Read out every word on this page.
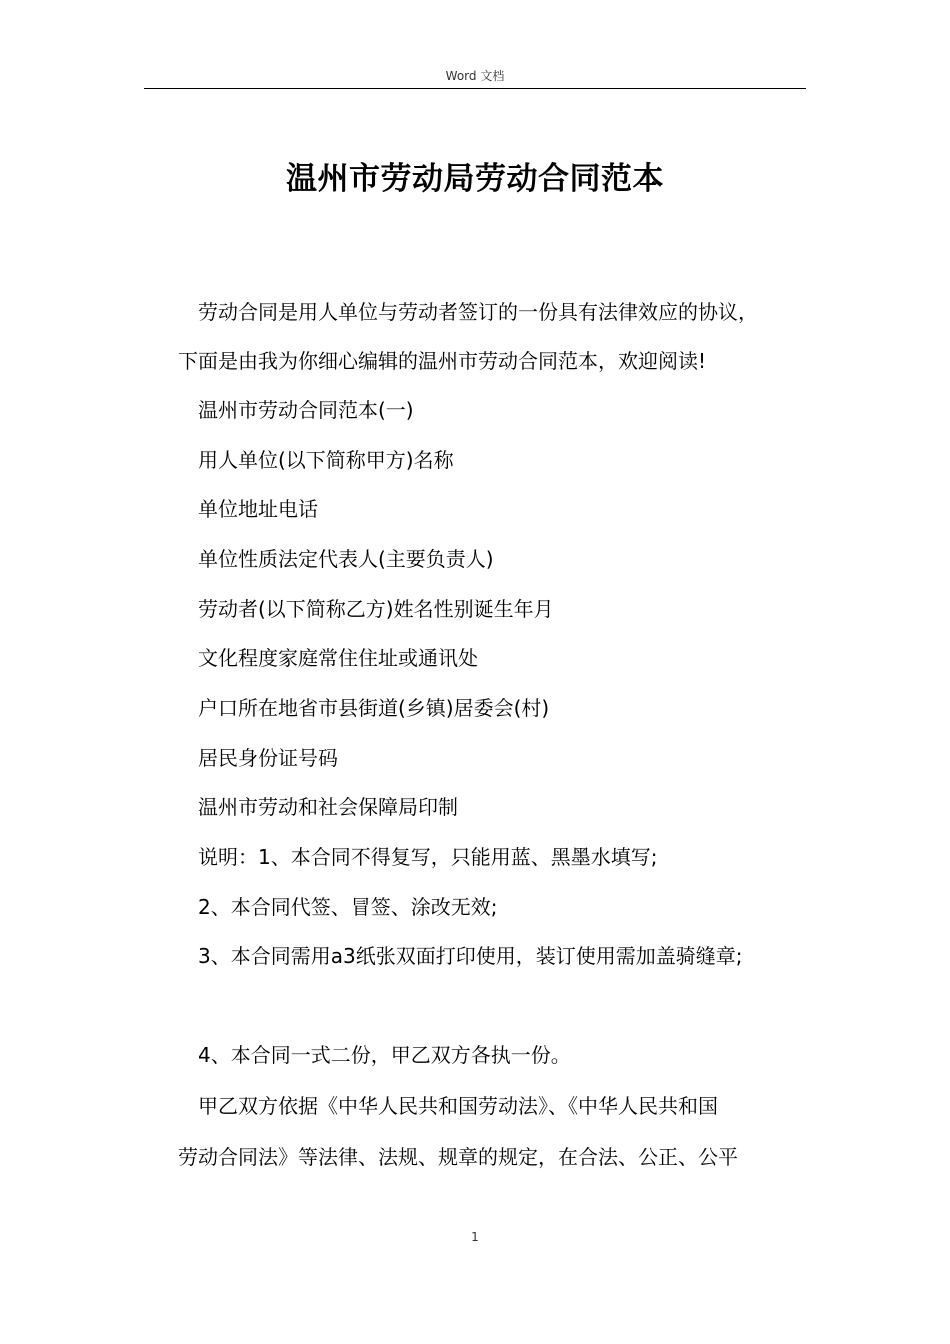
Word 文档
温州市劳动局劳动合同范本
劳动合同是用人单位与劳动者签订的一份具有法律效应的协议，
下面是由我为你细心编辑的温州市劳动合同范本，欢迎阅读!
温州市劳动合同范本(一)
用人单位(以下简称甲方)名称
单位地址电话
单位性质法定代表人(主要负责人)
劳动者(以下简称乙方)姓名性别诞生年月
文化程度家庭常住住址或通讯处
户口所在地省市县街道(乡镇)居委会(村)
居民身份证号码
温州市劳动和社会保障局印制
说明：1、本合同不得复写，只能用蓝、黑墨水填写;
2、本合同代签、冒签、涂改无效;
3、本合同需用a3纸张双面打印使用，装订使用需加盖骑缝章;
4、本合同一式二份，甲乙双方各执一份。
甲乙双方依据《中华人民共和国劳动法》、《中华人民共和国
劳动合同法》等法律、法规、规章的规定，在合法、公正、公平
1
